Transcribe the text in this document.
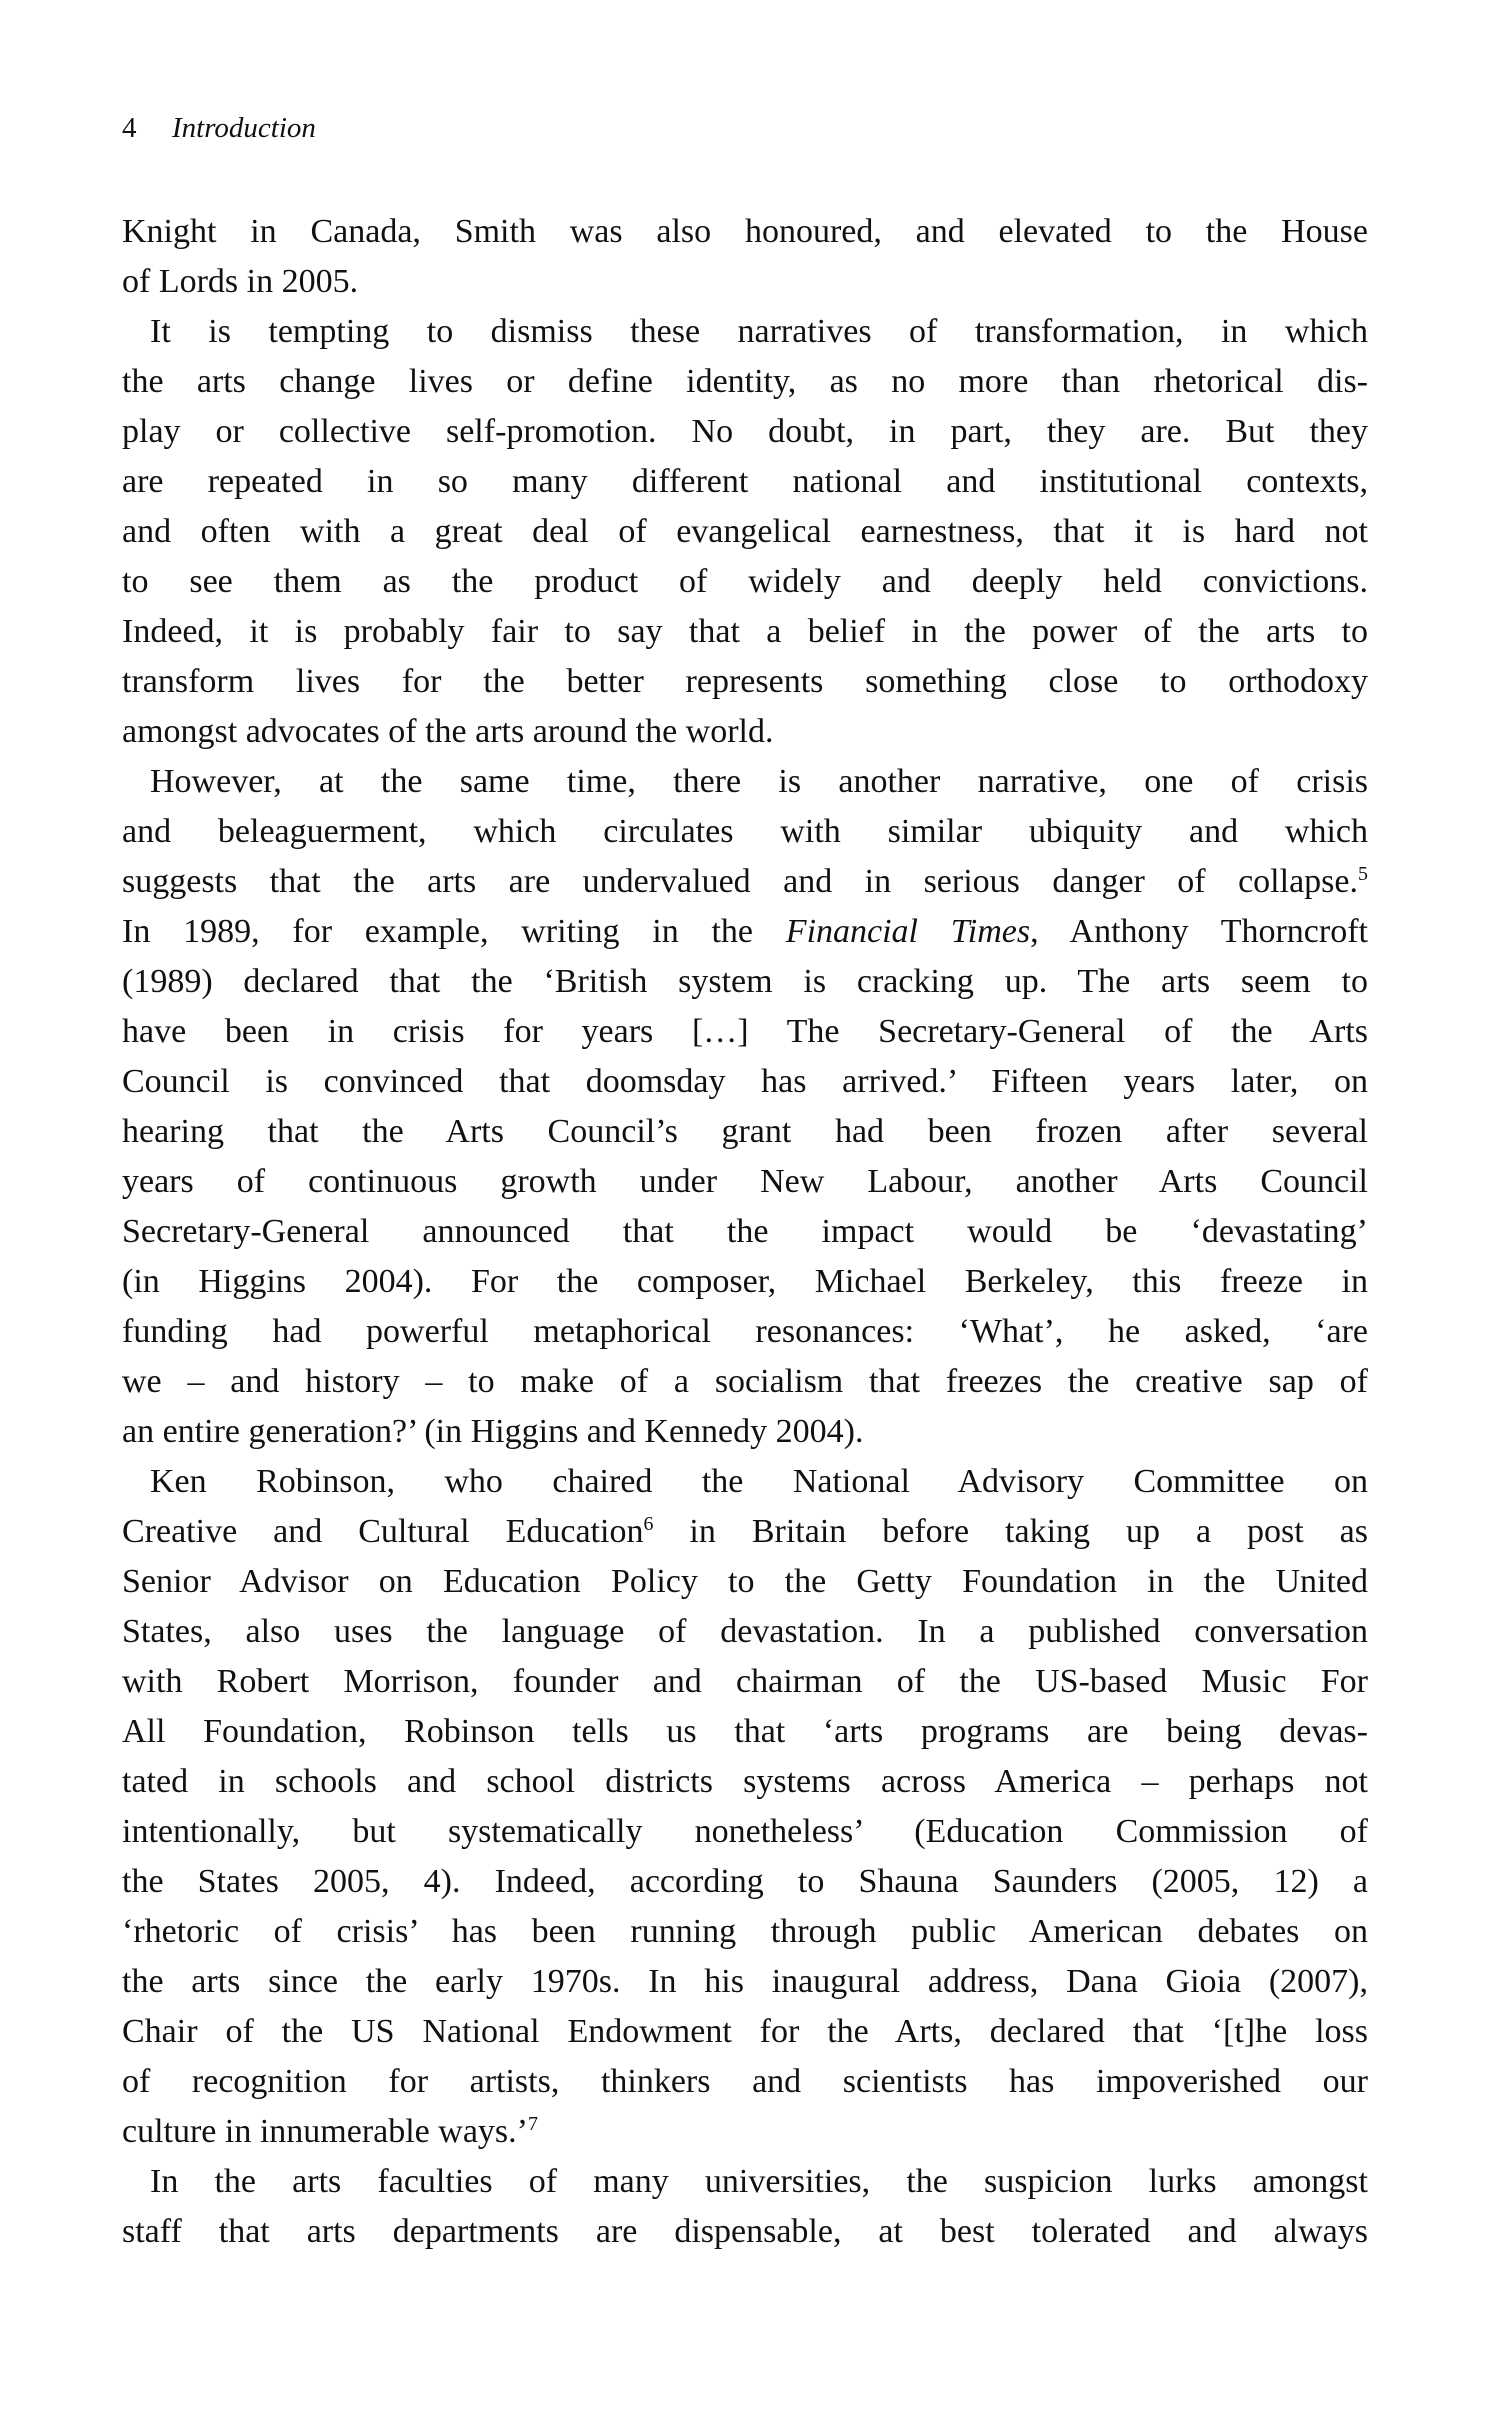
4 Introduction
Knight in Canada, Smith was also honoured, and elevated to the House
of Lords in 2005.
It is tempting to dismiss these narratives of transformation, in which
the arts change lives or define identity, as no more than rhetorical dis-
play or collective self-promotion. No doubt, in part, they are. But they
are repeated in so many different national and institutional contexts,
and often with a great deal of evangelical earnestness, that it is hard not
to see them as the product of widely and deeply held convictions.
Indeed, it is probably fair to say that a belief in the power of the arts to
transform lives for the better represents something close to orthodoxy
amongst advocates of the arts around the world.
However, at the same time, there is another narrative, one of crisis
and beleaguerment, which circulates with similar ubiquity and which
suggests that the arts are undervalued and in serious danger of collapse.$^5$
In 1989, for example, writing in the Financial Times, Anthony Thorncroft
(1989) declared that the ‘British system is cracking up. The arts seem to
have been in crisis for years […] The Secretary-General of the Arts
Council is convinced that doomsday has arrived.’ Fifteen years later, on
hearing that the Arts Council’s grant had been frozen after several
years of continuous growth under New Labour, another Arts Council
Secretary-General announced that the impact would be ‘devastating’
(in Higgins 2004). For the composer, Michael Berkeley, this freeze in
funding had powerful metaphorical resonances: ‘What’, he asked, ‘are
we – and history – to make of a socialism that freezes the creative sap of
an entire generation?’ (in Higgins and Kennedy 2004).
Ken Robinson, who chaired the National Advisory Committee on
Creative and Cultural Education$^6$ in Britain before taking up a post as
Senior Advisor on Education Policy to the Getty Foundation in the United
States, also uses the language of devastation. In a published conversation
with Robert Morrison, founder and chairman of the US-based Music For
All Foundation, Robinson tells us that ‘arts programs are being devas-
tated in schools and school districts systems across America – perhaps not
intentionally, but systematically nonetheless’ (Education Commission of
the States 2005, 4). Indeed, according to Shauna Saunders (2005, 12) a
‘rhetoric of crisis’ has been running through public American debates on
the arts since the early 1970s. In his inaugural address, Dana Gioia (2007),
Chair of the US National Endowment for the Arts, declared that ‘[t]he loss
of recognition for artists, thinkers and scientists has impoverished our
culture in innumerable ways.’$^7$
In the arts faculties of many universities, the suspicion lurks amongst
staff that arts departments are dispensable, at best tolerated and always
